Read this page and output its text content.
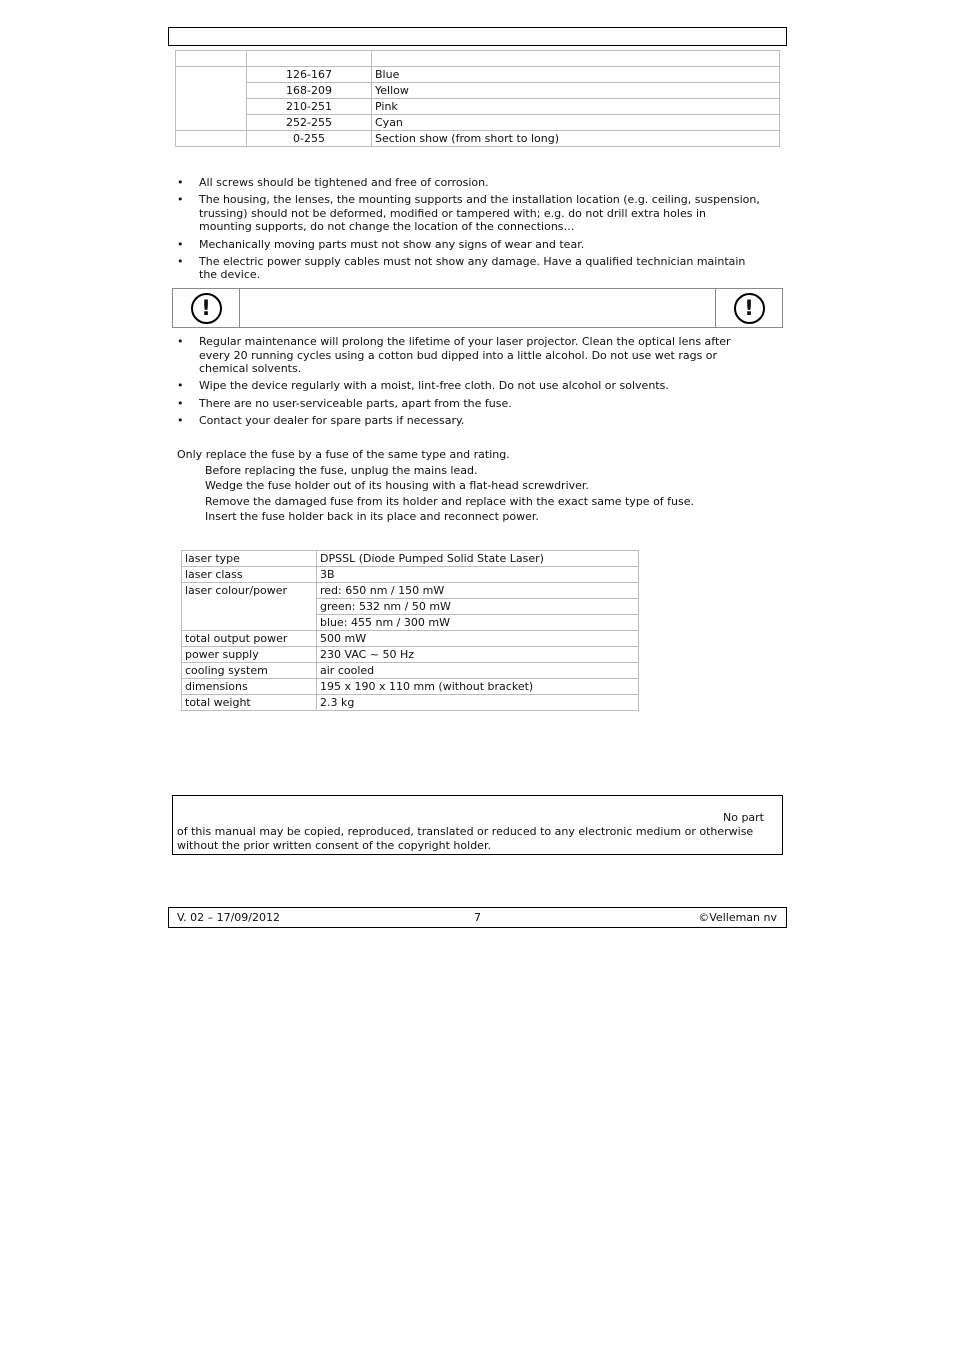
	126-167	Blue
	168-209	Yellow
	210-251	Pink
	252-255	Cyan
	0-255	Section show (from short to long)
• All screws should be tightened and free of corrosion.
• The housing, the lenses, the mounting supports and the installation location (e.g. ceiling, suspension,
trussing) should not be deformed, modified or tampered with; e.g. do not drill extra holes in
mounting supports, do not change the location of the connections…
• Mechanically moving parts must not show any signs of wear and tear.
• The electric power supply cables must not show any damage. Have a qualified technician maintain
the device.
!	!
• Regular maintenance will prolong the lifetime of your laser projector. Clean the optical lens after
every 20 running cycles using a cotton bud dipped into a little alcohol. Do not use wet rags or
chemical solvents.
• Wipe the device regularly with a moist, lint-free cloth. Do not use alcohol or solvents.
• There are no user-serviceable parts, apart from the fuse.
• Contact your dealer for spare parts if necessary.
Only replace the fuse by a fuse of the same type and rating.
Before replacing the fuse, unplug the mains lead.
Wedge the fuse holder out of its housing with a flat-head screwdriver.
Remove the damaged fuse from its holder and replace with the exact same type of fuse.
Insert the fuse holder back in its place and reconnect power.
laser type	DPSSL (Diode Pumped Solid State Laser)
laser class	3B
laser colour/power	red: 650 nm / 150 mW
	green: 532 nm / 50 mW
	blue: 455 nm / 300 mW
total output power	500 mW
power supply	230 VAC ~ 50 Hz
cooling system	air cooled
dimensions	195 x 190 x 110 mm (without bracket)
total weight	2.3 kg
No part
of this manual may be copied, reproduced, translated or reduced to any electronic medium or otherwise
without the prior written consent of the copyright holder.
V. 02 – 17/09/2012	7	©Velleman nv
